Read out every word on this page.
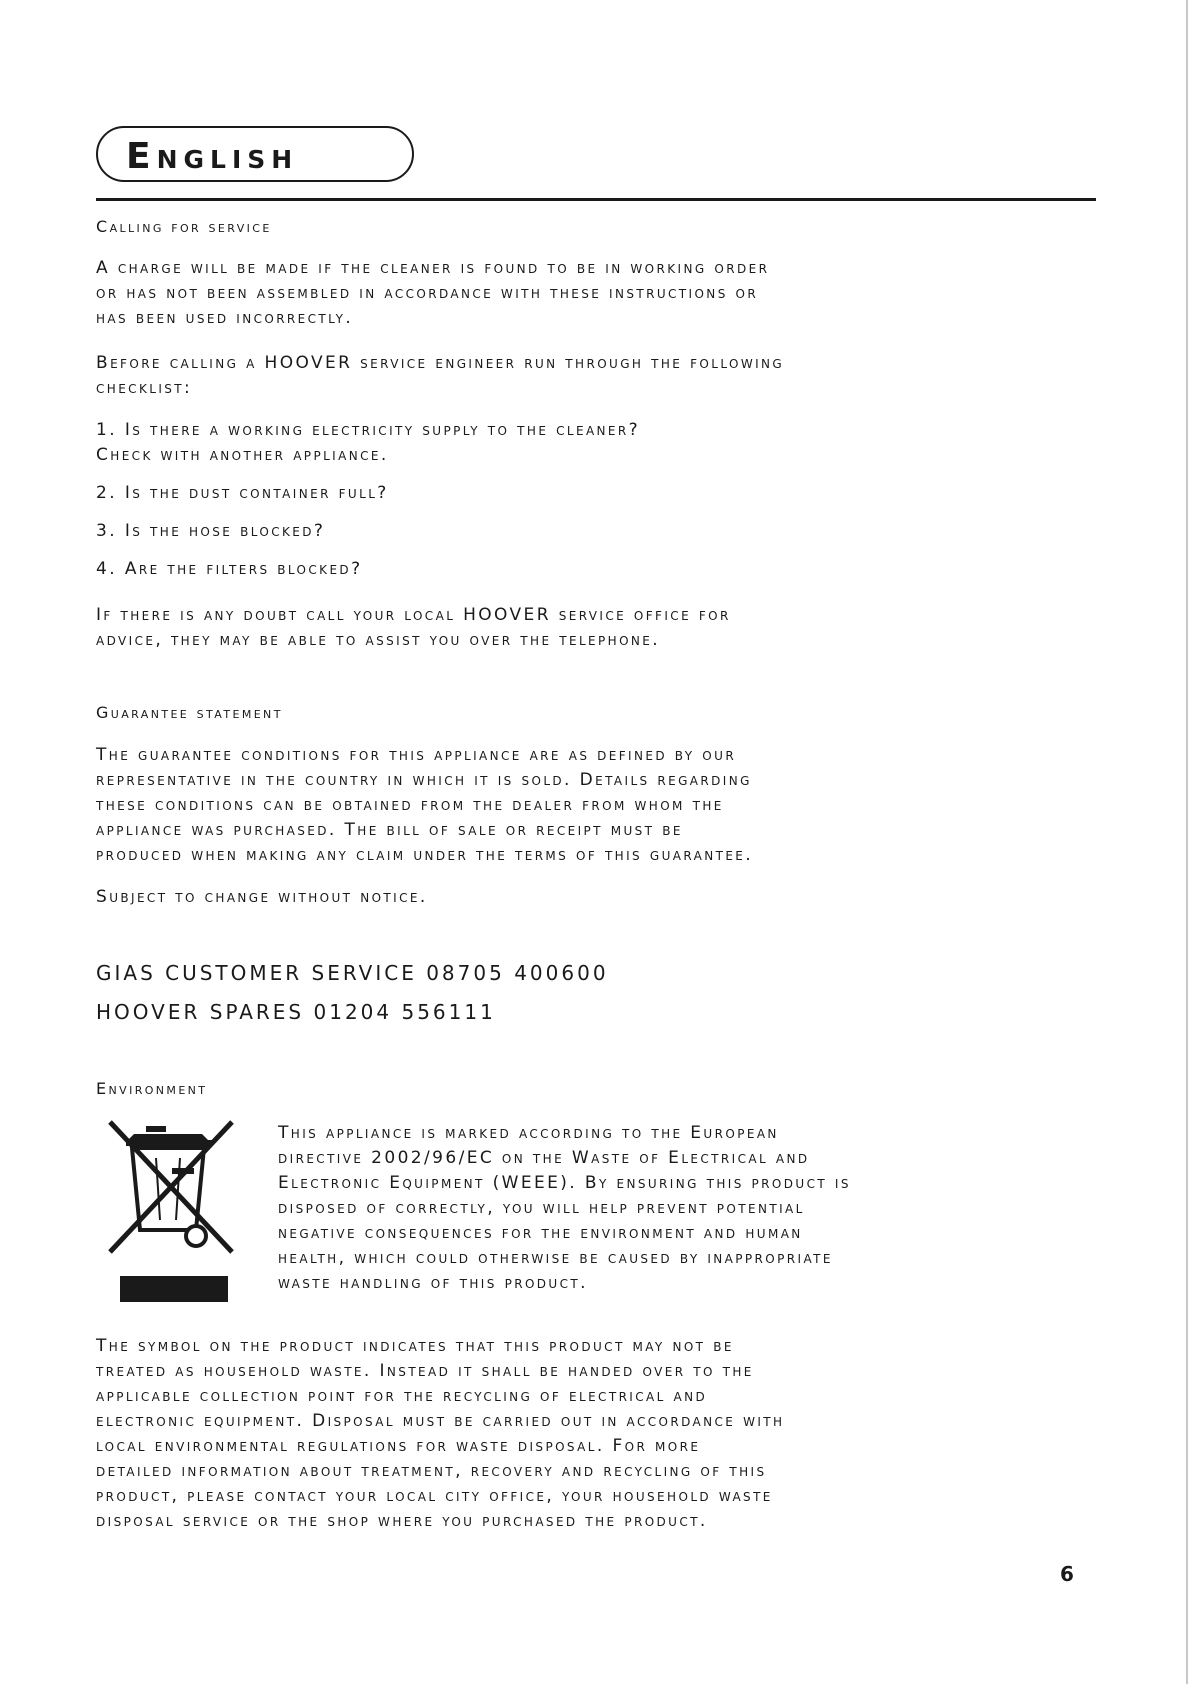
English
Calling for service
A charge will be made if the cleaner is found to be in working order
or has not been assembled in accordance with these instructions or
has been used incorrectly.
Before calling a HOOVER service engineer run through the following
checklist:
1. Is there a working electricity supply to the cleaner?
Check with another appliance.
2. Is the dust container full?
3. Is the hose blocked?
4. Are the filters blocked?
If there is any doubt call your local HOOVER service office for
advice, they may be able to assist you over the telephone.
Guarantee statement
The guarantee conditions for this appliance are as defined by our
representative in the country in which it is sold. Details regarding
these conditions can be obtained from the dealer from whom the
appliance was purchased. The bill of sale or receipt must be
produced when making any claim under the terms of this guarantee.
Subject to change without notice.
GIAS CUSTOMER SERVICE 08705 400600
HOOVER SPARES 01204 556111
Environment
This appliance is marked according to the European
directive 2002/96/EC on the Waste of Electrical and
Electronic Equipment (WEEE). By ensuring this product is
disposed of correctly, you will help prevent potential
negative consequences for the environment and human
health, which could otherwise be caused by inappropriate
waste handling of this product.
The symbol on the product indicates that this product may not be
treated as household waste. Instead it shall be handed over to the
applicable collection point for the recycling of electrical and
electronic equipment. Disposal must be carried out in accordance with
local environmental regulations for waste disposal. For more
detailed information about treatment, recovery and recycling of this
product, please contact your local city office, your household waste
disposal service or the shop where you purchased the product.
6
